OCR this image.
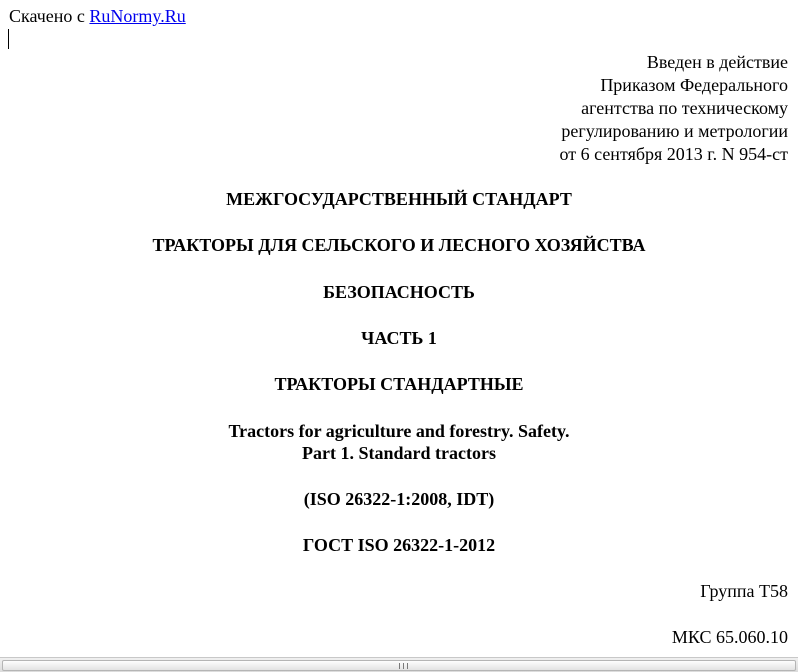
Скачено с RuNormy.Ru
Введен в действие
Приказом Федерального
агентства по техническому
регулированию и метрологии
от 6 сентября 2013 г. N 954-ст
МЕЖГОСУДАРСТВЕННЫЙ СТАНДАРТ
ТРАКТОРЫ ДЛЯ СЕЛЬСКОГО И ЛЕСНОГО ХОЗЯЙСТВА
БЕЗОПАСНОСТЬ
ЧАСТЬ 1
ТРАКТОРЫ СТАНДАРТНЫЕ
Tractors for agriculture and forestry. Safety.
Part 1. Standard tractors
(ISO 26322-1:2008, IDT)
ГОСТ ISO 26322-1-2012
Группа Т58
МКС 65.060.10
